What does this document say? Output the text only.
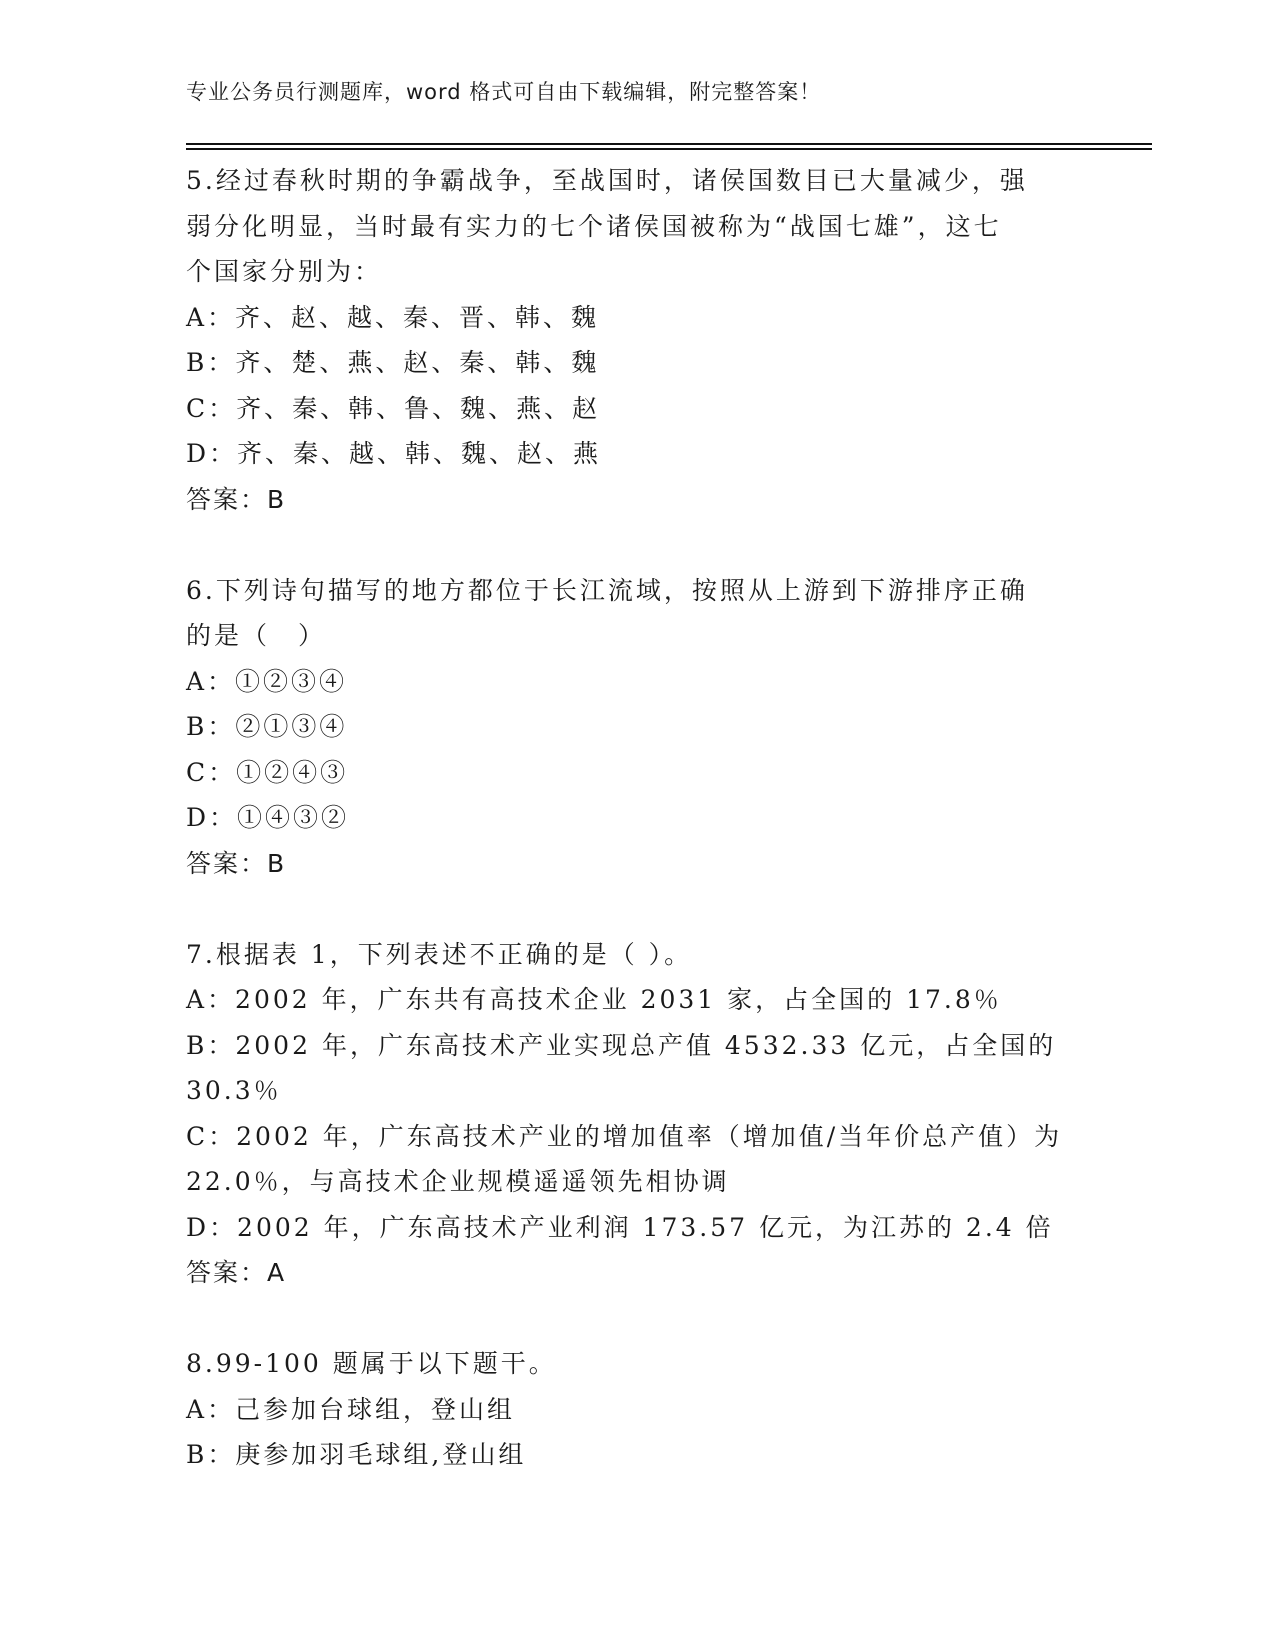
专业公务员行测题库，word 格式可自由下载编辑，附完整答案！
5.经过春秋时期的争霸战争，至战国时，诸侯国数目已大量减少，强
弱分化明显，当时最有实力的七个诸侯国被称为“战国七雄”，这七
个国家分别为：
A：齐、赵、越、秦、晋、韩、魏
B：齐、楚、燕、赵、秦、韩、魏
C：齐、秦、韩、鲁、魏、燕、赵
D：齐、秦、越、韩、魏、赵、燕
答案：B
6.下列诗句描写的地方都位于长江流域，按照从上游到下游排序正确
的是（　）
A：①②③④
B：②①③④
C：①②④③
D：①④③②
答案：B
7.根据表 1，下列表述不正确的是（ ）。
A：2002 年，广东共有高技术企业 2031 家，占全国的 17.8％
B：2002 年，广东高技术产业实现总产值 4532.33 亿元，占全国的
30.3％
C：2002 年，广东高技术产业的增加值率（增加值/当年价总产值）为
22.0％，与高技术企业规模遥遥领先相协调
D：2002 年，广东高技术产业利润 173.57 亿元，为江苏的 2.4 倍
答案：A
8.99-100 题属于以下题干。
A：己参加台球组，登山组
B：庚参加羽毛球组,登山组
